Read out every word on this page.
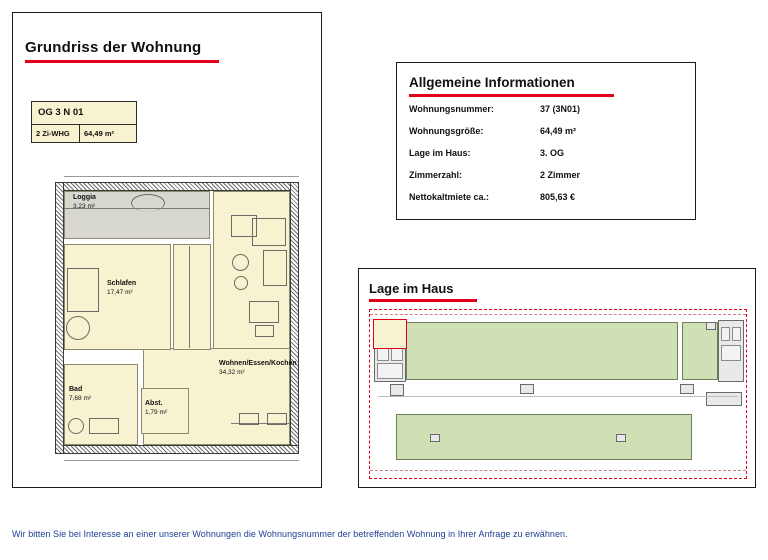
Grundriss der Wohnung
OG 3 N 01
2 Zi-WHG	64,49 m²
Loggia
3,23 m²
Wohnen/Essen/Kochen
34,32 m²
Schlafen
17,47 m²
Bad
7,68 m²
Abst.
1,79 m²
Allgemeine Informationen
Wohnungsnummer:	37 (3N01)
Wohnungsgröße:	64,49 m²
Lage im Haus:	3. OG
Zimmerzahl:	2 Zimmer
Nettokaltmiete ca.:	805,63 €
Lage im Haus
Wir bitten Sie bei Interesse an einer unserer Wohnungen die Wohnungsnummer der betreffenden Wohnung in Ihrer Anfrage zu erwähnen.
